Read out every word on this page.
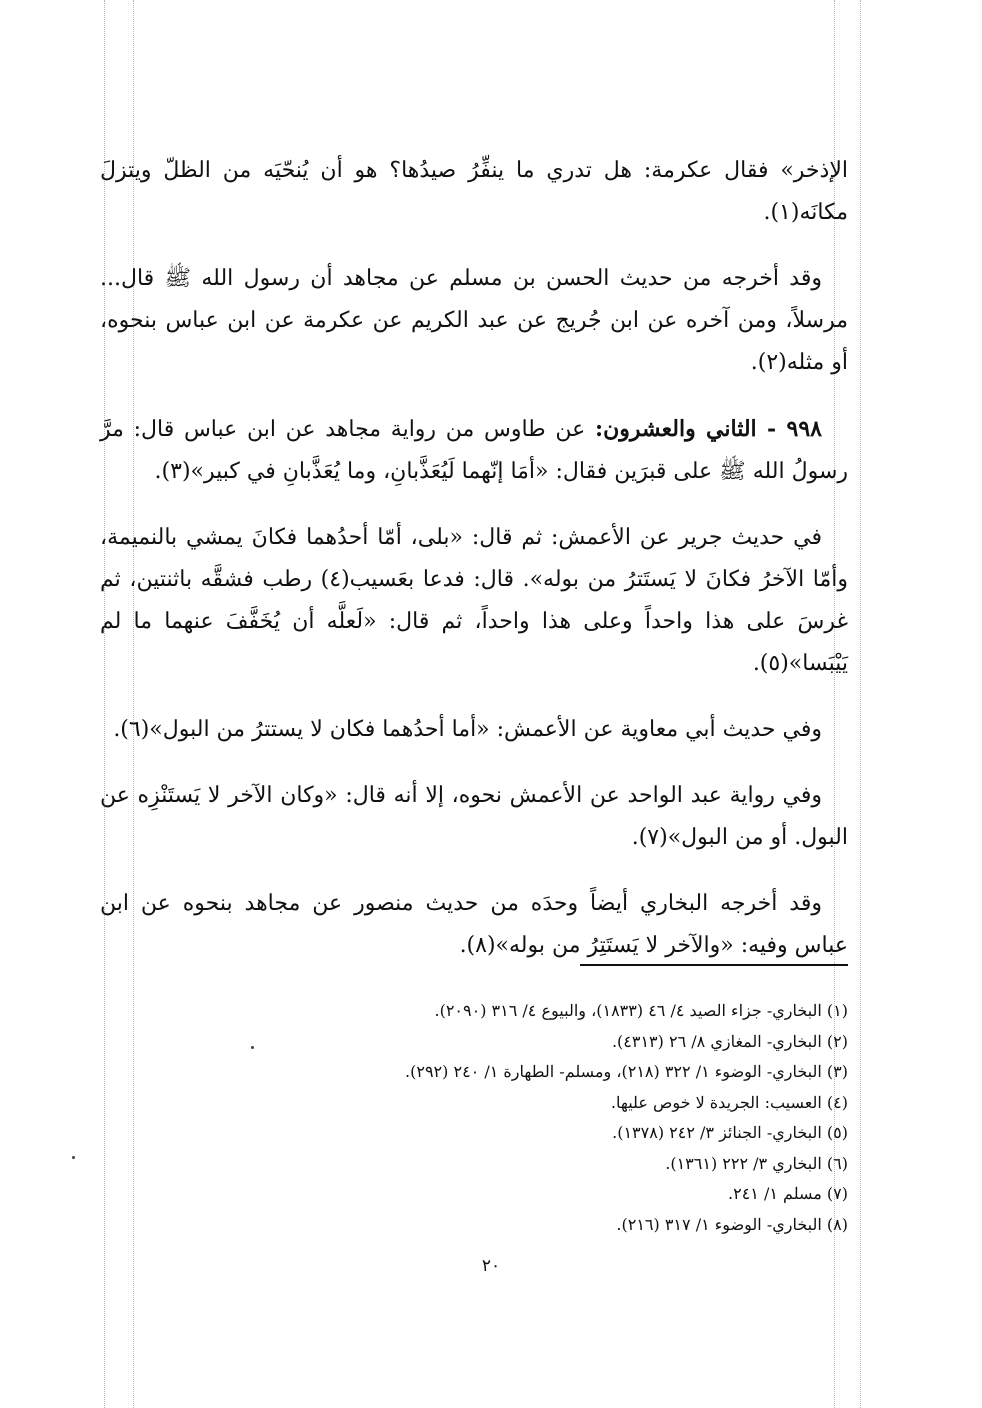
الإذخر» فقال عكرمة: هل تدري ما ينفِّرُ صيدُها؟ هو أن يُنحّيَه من الظلّ ويتزلَ مكانَه(١).

وقد أخرجه من حديث الحسن بن مسلم عن مجاهد أن رسول الله ﷺ قال... مرسلاً، ومن آخره عن ابن جُريج عن عبد الكريم عن عكرمة عن ابن عباس بنحوه، أو مثله(٢).

٩٩٨ - الثاني والعشرون: عن طاوس من رواية مجاهد عن ابن عباس قال: مرَّ رسولُ الله ﷺ على قبرَين فقال: «أمَا إنّهما لَيُعَذَّبانِ، وما يُعَذَّبانِ في كبير»(٣).

في حديث جرير عن الأعمش: ثم قال: «بلى، أمّا أحدُهما فكانَ يمشي بالنميمة، وأمّا الآخرُ فكانَ لا يَستَترُ من بوله». قال: فدعا بعَسيب(٤) رطب فشقَّه باثنتين، ثم غرسَ على هذا واحداً وعلى هذا واحداً، ثم قال: «لَعلَّه أن يُخَفَّفَ عنهما ما لم يَيْبَسا»(٥).

وفي حديث أبي معاوية عن الأعمش: «أما أحدُهما فكان لا يستترُ من البول»(٦).

وفي رواية عبد الواحد عن الأعمش نحوه، إلا أنه قال: «وكان الآخر لا يَستَنْزِه عن البول. أو من البول»(٧).

وقد أخرجه البخاري أيضاً وحدَه من حديث منصور عن مجاهد بنحوه عن ابن عباس وفيه: «والآخر لا يَستَتِرُ من بوله»(٨).

(١) البخاري- جزاء الصيد ٤/ ٤٦ (١٨٣٣)، والبيوع ٤/ ٣١٦ (٢٠٩٠).

(٢) البخاري- المغازي ٨/ ٢٦ (٤٣١٣).

(٣) البخاري- الوضوء ١/ ٣٢٢ (٢١٨)، ومسلم- الطهارة ١/ ٢٤٠ (٢٩٢).

(٤) العسيب: الجريدة لا خوص عليها.

(٥) البخاري- الجنائز ٣/ ٢٤٢ (١٣٧٨).

(٦) البخاري ٣/ ٢٢٢ (١٣٦١).

(٧) مسلم ١/ ٢٤١.

(٨) البخاري- الوضوء ١/ ٣١٧ (٢١٦).

٢٠
